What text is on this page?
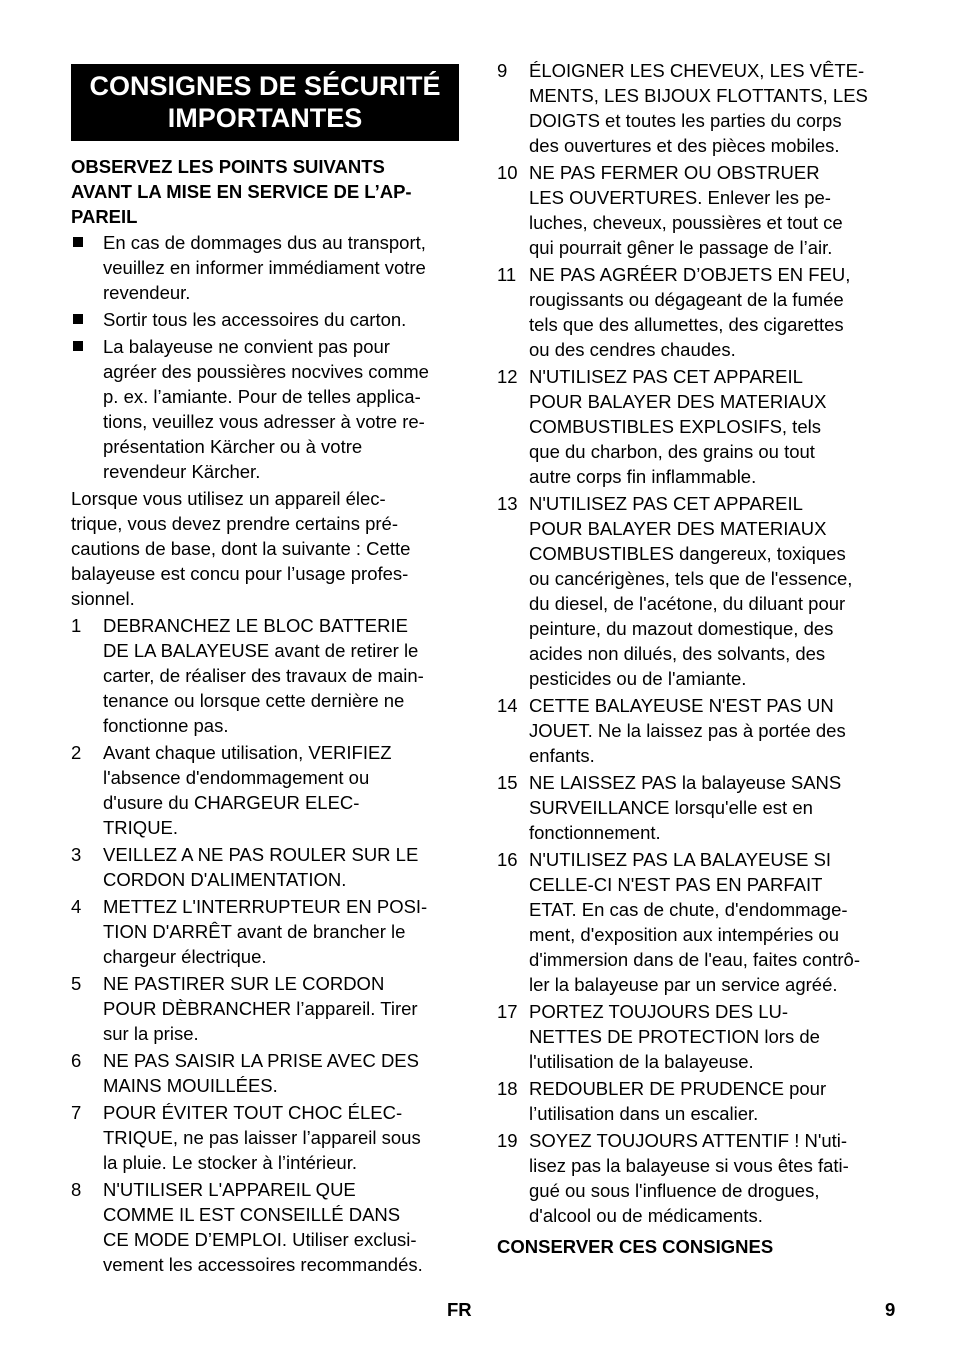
CONSIGNES DE SÉCURITÉ
IMPORTANTES
OBSERVEZ LES POINTS SUIVANTS
AVANT LA MISE EN SERVICE DE L’AP-
PAREIL
En cas de dommages dus au transport,
veuillez en informer immédiament votre
revendeur.
Sortir tous les accessoires du carton.
La balayeuse ne convient pas pour
agréer des poussières nocvives comme
p. ex. l’amiante. Pour de telles applica-
tions, veuillez vous adresser à votre re-
présentation Kärcher ou à votre
revendeur Kärcher.
Lorsque vous utilisez un appareil élec-
trique, vous devez prendre certains pré-
cautions de base, dont la suivante : Cette
balayeuse est concu pour l’usage profes-
sionnel.
1 DEBRANCHEZ LE BLOC BATTERIE
DE LA BALAYEUSE avant de retirer le
carter, de réaliser des travaux de main-
tenance ou lorsque cette dernière ne
fonctionne pas.
2 Avant chaque utilisation, VERIFIEZ
l'absence d'endommagement ou
d'usure du CHARGEUR ELEC-
TRIQUE.
3 VEILLEZ A NE PAS ROULER SUR LE
CORDON D'ALIMENTATION.
4 METTEZ L'INTERRUPTEUR EN POSI-
TION D'ARRÊT avant de brancher le
chargeur électrique.
5 NE PASTIRER SUR LE CORDON
POUR DÈBRANCHER l’appareil. Tirer
sur la prise.
6 NE PAS SAISIR LA PRISE AVEC DES
MAINS MOUILLÉES.
7 POUR ÉVITER TOUT CHOC ÉLEC-
TRIQUE, ne pas laisser l’appareil sous
la pluie. Le stocker à l’intérieur.
8 N'UTILISER L'APPAREIL QUE
COMME IL EST CONSEILLÉ DANS
CE MODE D’EMPLOI. Utiliser exclusi-
vement les accessoires recommandés.
9 ÉLOIGNER LES CHEVEUX, LES VÊTE-
MENTS, LES BIJOUX FLOTTANTS, LES
DOIGTS et toutes les parties du corps
des ouvertures et des pièces mobiles.
10 NE PAS FERMER OU OBSTRUER
LES OUVERTURES. Enlever les pe-
luches, cheveux, poussières et tout ce
qui pourrait gêner le passage de l’air.
11 NE PAS AGRÉER D’OBJETS EN FEU,
rougissants ou dégageant de la fumée
tels que des allumettes, des cigarettes
ou des cendres chaudes.
12 N'UTILISEZ PAS CET APPAREIL
POUR BALAYER DES MATERIAUX
COMBUSTIBLES EXPLOSIFS, tels
que du charbon, des grains ou tout
autre corps fin inflammable.
13 N'UTILISEZ PAS CET APPAREIL
POUR BALAYER DES MATERIAUX
COMBUSTIBLES dangereux, toxiques
ou cancérigènes, tels que de l'essence,
du diesel, de l'acétone, du diluant pour
peinture, du mazout domestique, des
acides non dilués, des solvants, des
pesticides ou de l'amiante.
14 CETTE BALAYEUSE N'EST PAS UN
JOUET. Ne la laissez pas à portée des
enfants.
15 NE LAISSEZ PAS la balayeuse SANS
SURVEILLANCE lorsqu'elle est en
fonctionnement.
16 N'UTILISEZ PAS LA BALAYEUSE SI
CELLE-CI N'EST PAS EN PARFAIT
ETAT. En cas de chute, d'endommage-
ment, d'exposition aux intempéries ou
d'immersion dans de l'eau, faites contrô-
ler la balayeuse par un service agréé.
17 PORTEZ TOUJOURS DES LU-
NETTES DE PROTECTION lors de
l'utilisation de la balayeuse.
18 REDOUBLER DE PRUDENCE pour
l’utilisation dans un escalier.
19 SOYEZ TOUJOURS ATTENTIF ! N'uti-
lisez pas la balayeuse si vous êtes fati-
gué ou sous l'influence de drogues,
d'alcool ou de médicaments.
CONSERVER CES CONSIGNES
FR	9
